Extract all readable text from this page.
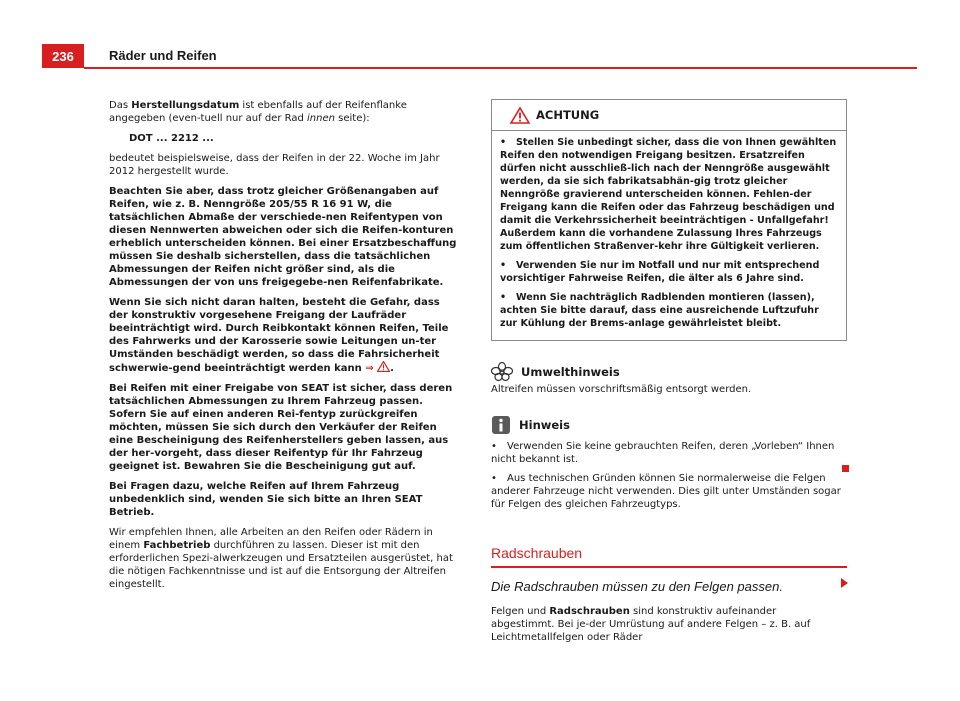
236	Räder und Reifen

Das Herstellungsdatum ist ebenfalls auf der Reifenflanke angegeben (even-tuell nur auf der Rad innen seite):

DOT ... 2212 ...

bedeutet beispielsweise, dass der Reifen in der 22. Woche im Jahr 2012 hergestellt wurde.

Beachten Sie aber, dass trotz gleicher Größenangaben auf Reifen, wie z. B. Nenngröße 205/55 R 16 91 W, die tatsächlichen Abmaße der verschiede-nen Reifentypen von diesen Nennwerten abweichen oder sich die Reifen-konturen erheblich unterscheiden können. Bei einer Ersatzbeschaffung müssen Sie deshalb sicherstellen, dass die tatsächlichen Abmessungen der Reifen nicht größer sind, als die Abmessungen der von uns freigegebe-nen Reifenfabrikate.

Wenn Sie sich nicht daran halten, besteht die Gefahr, dass der konstruktiv vorgesehene Freigang der Laufräder beeinträchtigt wird. Durch Reibkontakt können Reifen, Teile des Fahrwerks und der Karosserie sowie Leitungen un-ter Umständen beschädigt werden, so dass die Fahrsicherheit schwerwie-gend beeinträchtigt werden kann ⇒ .

Bei Reifen mit einer Freigabe von SEAT ist sicher, dass deren tatsächlichen Abmessungen zu Ihrem Fahrzeug passen. Sofern Sie auf einen anderen Rei-fentyp zurückgreifen möchten, müssen Sie sich durch den Verkäufer der Reifen eine Bescheinigung des Reifenherstellers geben lassen, aus der her-vorgeht, dass dieser Reifentyp für Ihr Fahrzeug geeignet ist. Bewahren Sie die Bescheinigung gut auf.

Bei Fragen dazu, welche Reifen auf Ihrem Fahrzeug unbedenklich sind, wenden Sie sich bitte an Ihren SEAT Betrieb.

Wir empfehlen Ihnen, alle Arbeiten an den Reifen oder Rädern in einem Fachbetrieb durchführen zu lassen. Dieser ist mit den erforderlichen Spezi-alwerkzeugen und Ersatzteilen ausgerüstet, hat die nötigen Fachkenntnisse und ist auf die Entsorgung der Altreifen eingestellt.

ACHTUNG
• Stellen Sie unbedingt sicher, dass die von Ihnen gewählten Reifen den notwendigen Freigang besitzen. Ersatzreifen dürfen nicht ausschließ-lich nach der Nenngröße ausgewählt werden, da sie sich fabrikatsabhän-gig trotz gleicher Nenngröße gravierend unterscheiden können. Fehlen-der Freigang kann die Reifen oder das Fahrzeug beschädigen und damit die Verkehrssicherheit beeinträchtigen - Unfallgefahr! Außerdem kann die vorhandene Zulassung Ihres Fahrzeugs zum öffentlichen Straßenver-kehr ihre Gültigkeit verlieren.
• Verwenden Sie nur im Notfall und nur mit entsprechend vorsichtiger Fahrweise Reifen, die älter als 6 Jahre sind.
• Wenn Sie nachträglich Radblenden montieren (lassen), achten Sie bitte darauf, dass eine ausreichende Luftzufuhr zur Kühlung der Brems-anlage gewährleistet bleibt.
Umwelthinweis

Altreifen müssen vorschriftsmäßig entsorgt werden.

Hinweis

• Verwenden Sie keine gebrauchten Reifen, deren „Vorleben“ Ihnen nicht bekannt ist.

• Aus technischen Gründen können Sie normalerweise die Felgen anderer Fahrzeuge nicht verwenden. Dies gilt unter Umständen sogar für Felgen des gleichen Fahrzeugtyps.

Radschrauben
Die Radschrauben müssen zu den Felgen passen.

Felgen und Radschrauben sind konstruktiv aufeinander abgestimmt. Bei je-der Umrüstung auf andere Felgen – z. B. auf Leichtmetallfelgen oder Räder
